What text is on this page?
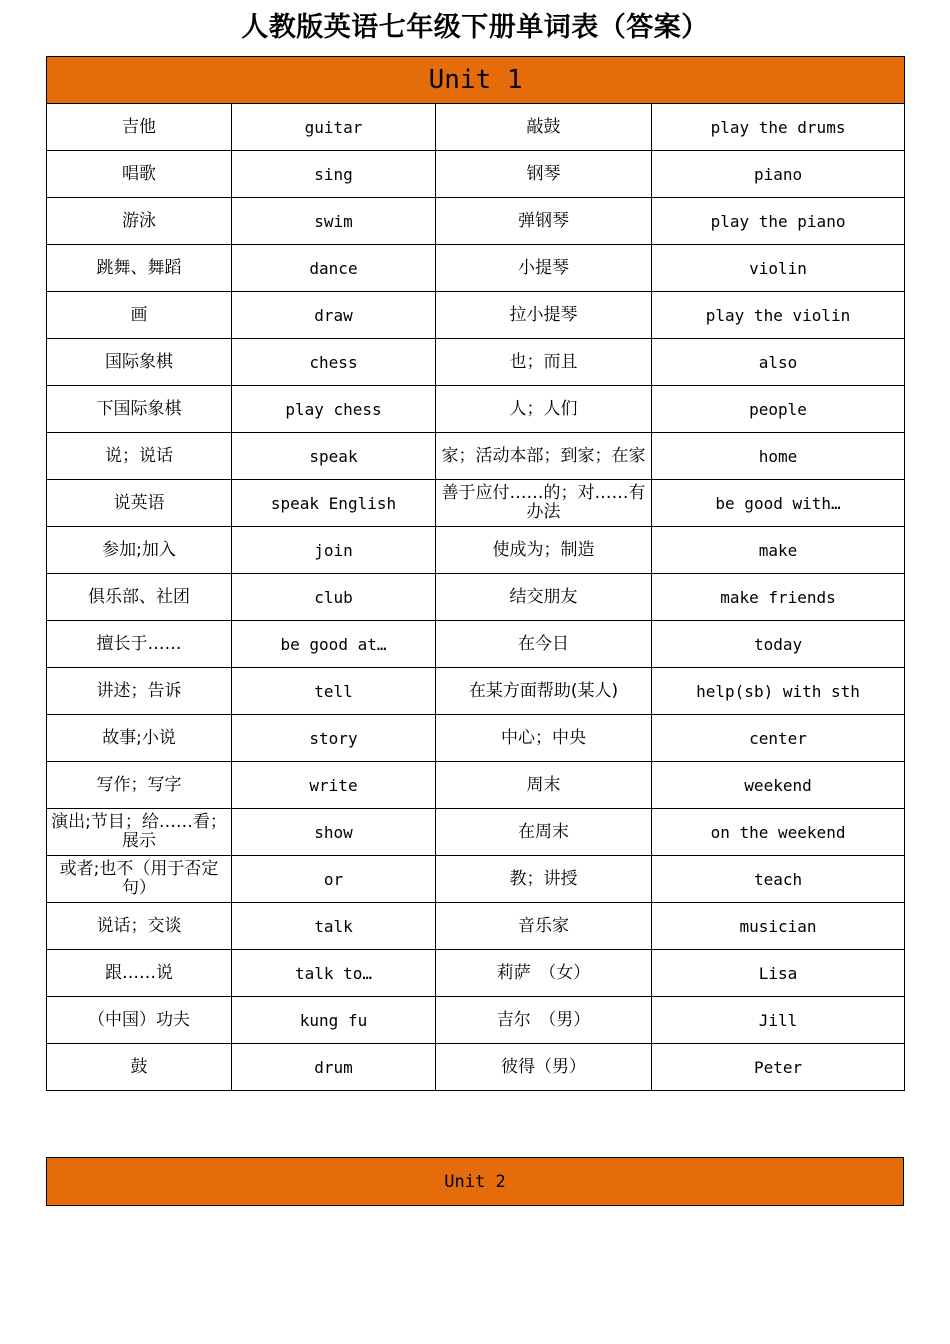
人教版英语七年级下册单词表（答案）
Unit 1			
吉他	guitar	敲鼓	play the drums
唱歌	sing	钢琴	piano
游泳	swim	弹钢琴	play the piano
跳舞、舞蹈	dance	小提琴	violin
画	draw	拉小提琴	play the violin
国际象棋	chess	也；而且	also
下国际象棋	play chess	人；人们	people
说；说话	speak	家；活动本部；到家；在家	home
说英语	speak English	善于应付……的；对……有办法	be good with…
参加;加入	join	使成为；制造	make
俱乐部、社团	club	结交朋友	make friends
擅长于……	be good at…	在今日	today
讲述；告诉	tell	在某方面帮助(某人)	help(sb) with sth
故事;小说	story	中心；中央	center
写作；写字	write	周末	weekend
演出;节目；给……看；展示	show	在周末	on the weekend
或者;也不（用于否定句）	or	教；讲授	teach
说话；交谈	talk	音乐家	musician
跟……说	talk to…	莉萨　（女）	Lisa
（中国）功夫	kung fu	吉尔　（男）	Jill
鼓	drum	彼得（男）	Peter
Unit 2
